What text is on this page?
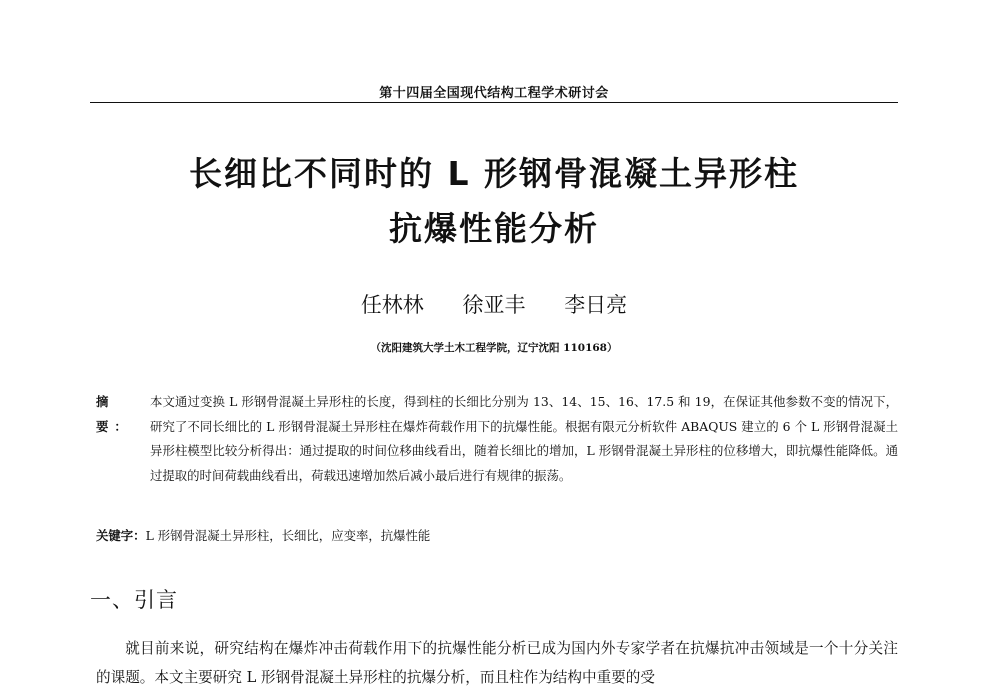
第十四届全国现代结构工程学术研讨会
长细比不同时的 L 形钢骨混凝土异形柱
抗爆性能分析
任林林 徐亚丰 李日亮
（沈阳建筑大学土木工程学院，辽宁沈阳 110168）
摘　要：
本文通过变换 L 形钢骨混凝土异形柱的长度，得到柱的长细比分别为 13、14、15、16、17.5 和 19，在保证其他参数不变的情况下，研究了不同长细比的 L 形钢骨混凝土异形柱在爆炸荷载作用下的抗爆性能。根据有限元分析软件 ABAQUS 建立的 6 个 L 形钢骨混凝土异形柱模型比较分析得出：通过提取的时间位移曲线看出，随着长细比的增加，L 形钢骨混凝土异形柱的位移增大，即抗爆性能降低。通过提取的时间荷载曲线看出，荷载迅速增加然后减小最后进行有规律的振荡。
关键字：L 形钢骨混凝土异形柱，长细比，应变率，抗爆性能
一、引言
就目前来说，研究结构在爆炸冲击荷载作用下的抗爆性能分析已成为国内外专家学者在抗爆抗冲击领域是一个十分关注的课题。本文主要研究 L 形钢骨混凝土异形柱的抗爆分析，而且柱作为结构中重要的受
